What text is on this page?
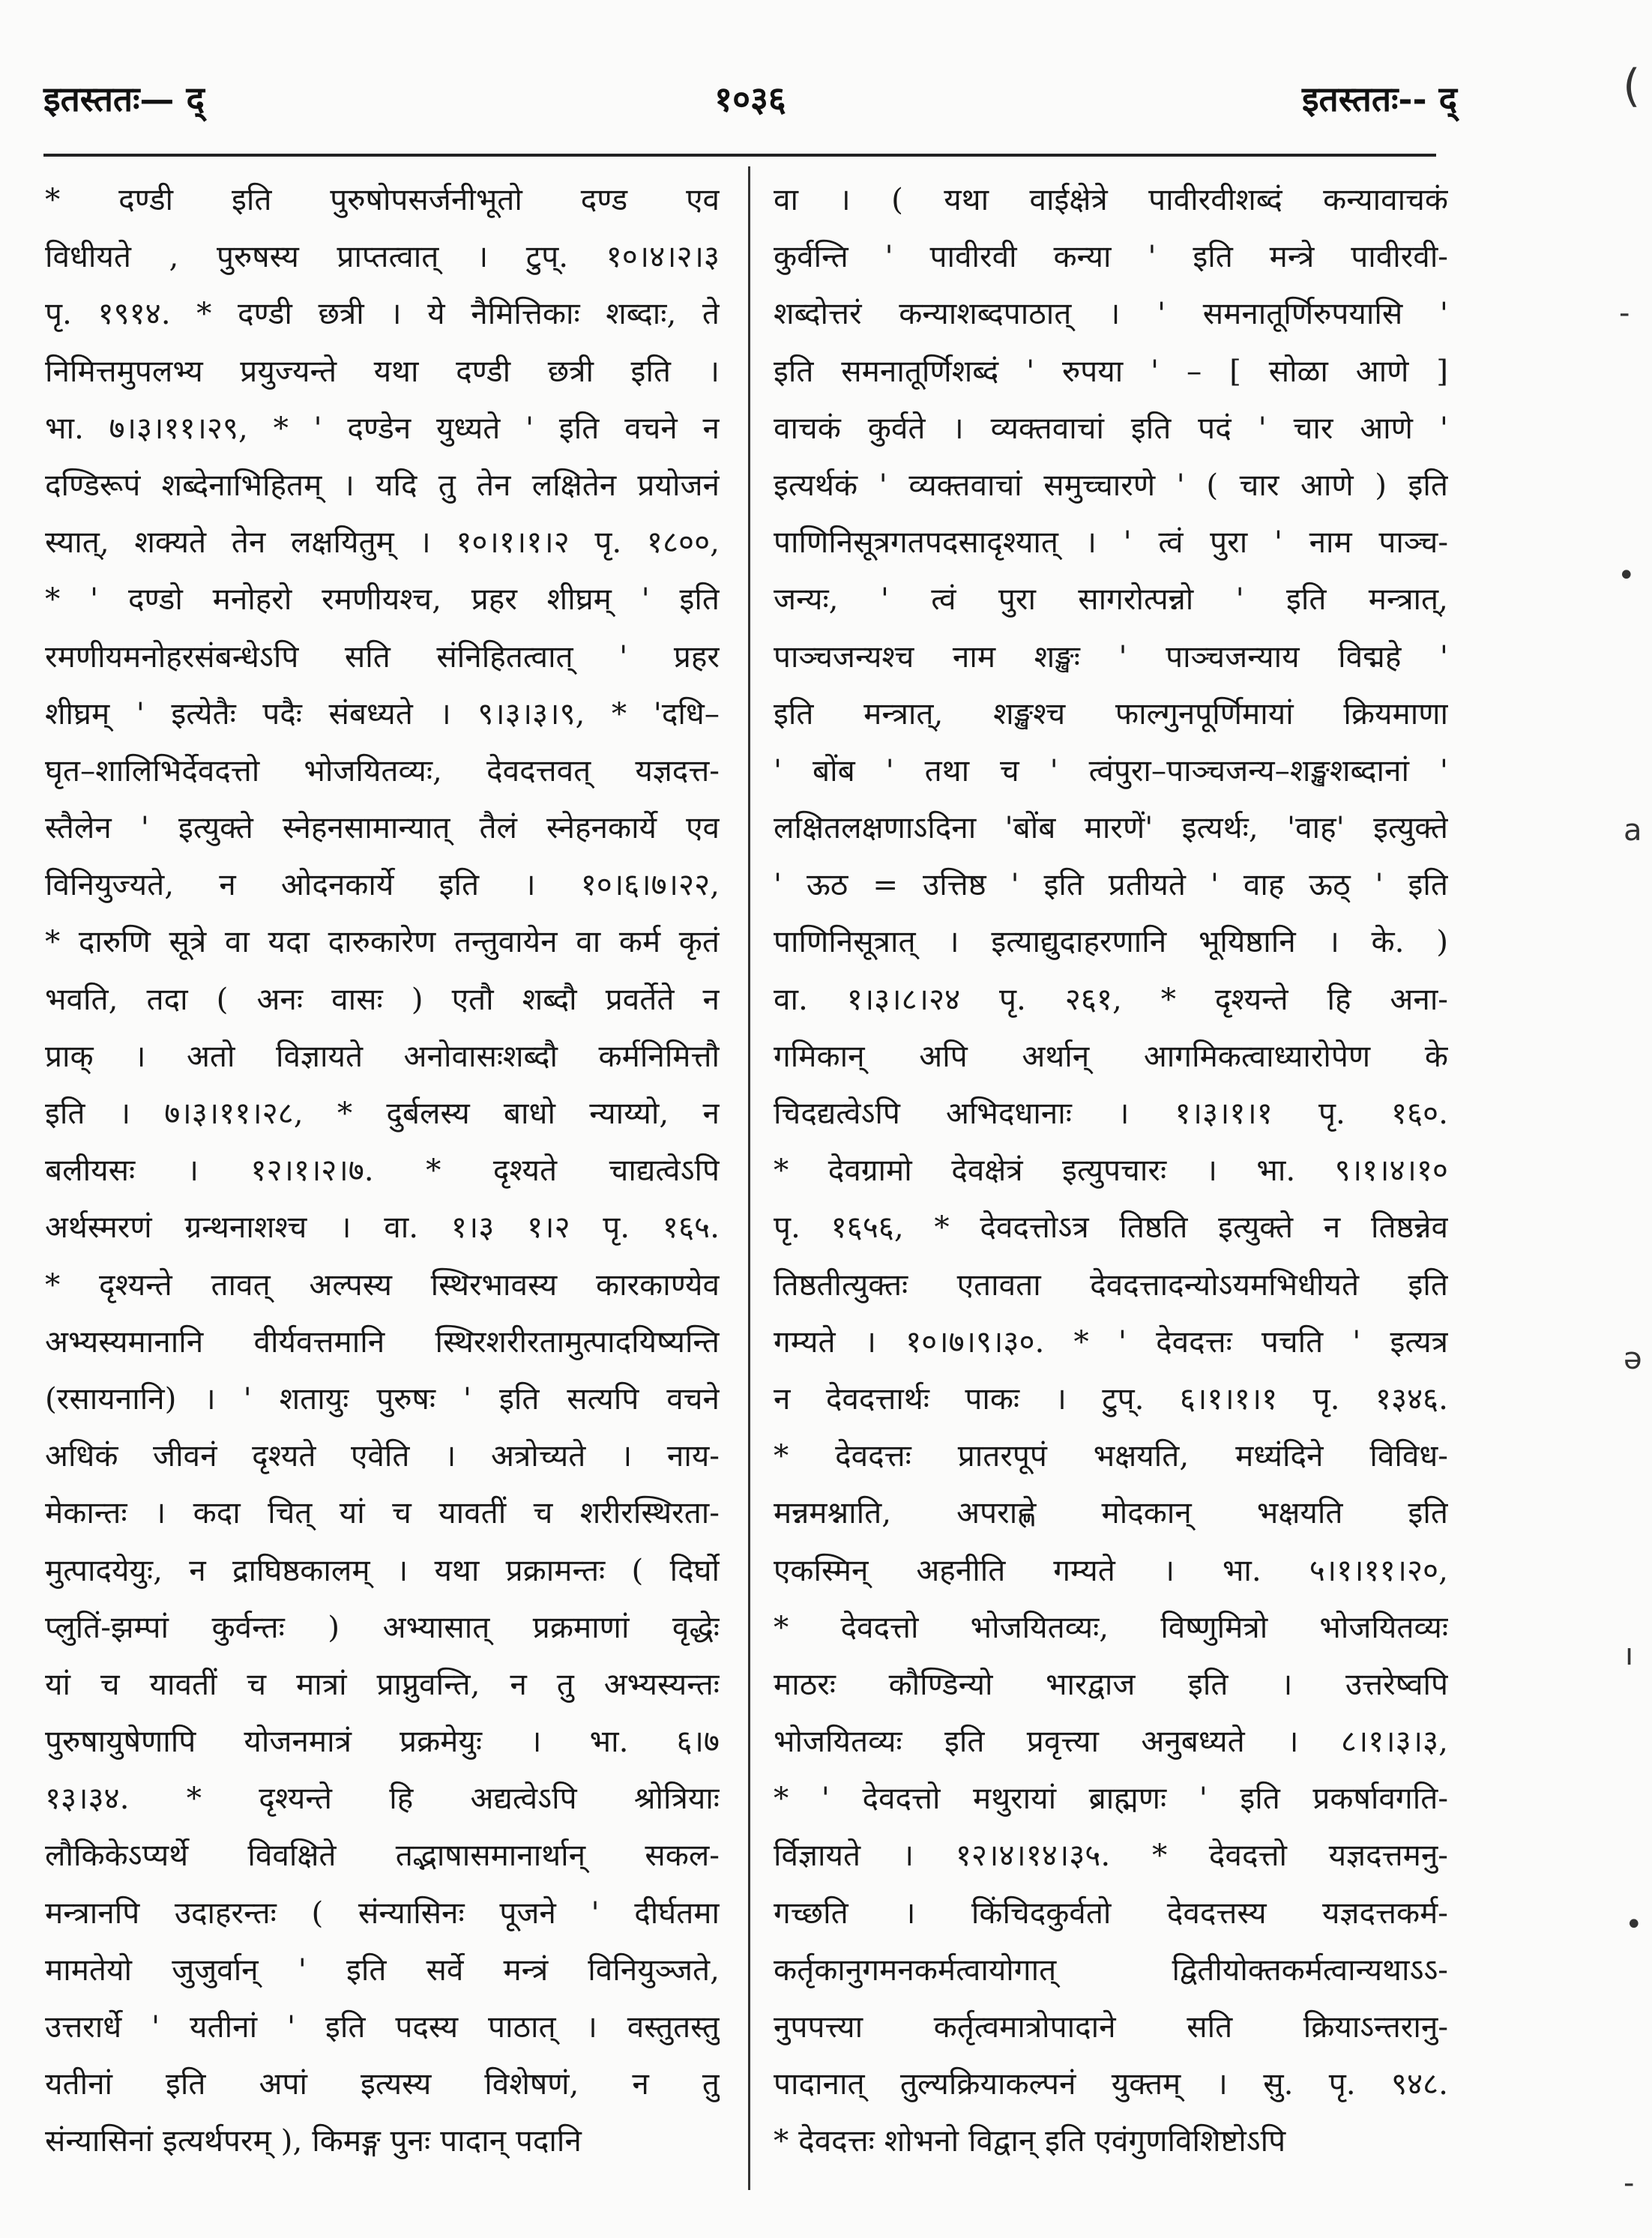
इतस्ततः— द्	१०३६	इतस्ततः-- द्
* दण्डी इति पुरुषोपसर्जनीभूतो दण्ड एव
विधीयते , पुरुषस्य प्राप्तत्वात् । टुप्. १०।४।२।३
पृ. १९१४. * दण्डी छत्री । ये नैमित्तिकाः शब्दाः, ते
निमित्तमुपलभ्य प्रयुज्यन्ते यथा दण्डी छत्री इति ।
भा. ७।३।११।२९, * ' दण्डेन युध्यते ' इति वचने न
दण्डिरूपं शब्देनाभिहितम् । यदि तु तेन लक्षितेन प्रयोजनं
स्यात्, शक्यते तेन लक्षयितुम् । १०।१।१।२ पृ. १८००,
* ' दण्डो मनोहरो रमणीयश्च, प्रहर शीघ्रम् ' इति
रमणीयमनोहरसंबन्धेऽपि सति संनिहितत्वात् ' प्रहर
शीघ्रम् ' इत्येतैः पदैः संबध्यते । ९।३।३।९, * 'दधि–
घृत–शालिभिर्देवदत्तो भोजयितव्यः, देवदत्तवत् यज्ञदत्त-
स्तैलेन ' इत्युक्ते स्नेहनसामान्यात् तैलं स्नेहनकार्ये एव
विनियुज्यते, न ओदनकार्ये इति । १०।६।७।२२,
* दारुणि सूत्रे वा यदा दारुकारेण तन्तुवायेन वा कर्म कृतं
भवति, तदा ( अनः वासः ) एतौ शब्दौ प्रवर्तेते न
प्राक् । अतो विज्ञायते अनोवासःशब्दौ कर्मनिमित्तौ
इति । ७।३।११।२८, * दुर्बलस्य बाधो न्याय्यो, न
बलीयसः । १२।१।२।७. * दृश्यते चाद्यत्वेऽपि
अर्थस्मरणं ग्रन्थनाशश्च । वा. १।३ १।२ पृ. १६५.
* दृश्यन्ते तावत् अल्पस्य स्थिरभावस्य कारकाण्येव
अभ्यस्यमानानि वीर्यवत्तमानि स्थिरशरीरतामुत्पादयिष्यन्ति
(रसायनानि) । ' शतायुः पुरुषः ' इति सत्यपि वचने
अधिकं जीवनं दृश्यते एवेति । अत्रोच्यते । नाय-
मेकान्तः । कदा चित् यां च यावतीं च शरीरस्थिरता-
मुत्पादयेयुः, न द्राघिष्ठकालम् । यथा प्रक्रामन्तः ( दिर्घो
प्लुतिं-झम्पां कुर्वन्तः ) अभ्यासात् प्रक्रमाणां वृद्धेः
यां च यावतीं च मात्रां प्राप्नुवन्ति, न तु अभ्यस्यन्तः
पुरुषायुषेणापि योजनमात्रं प्रक्रमेयुः । भा. ६।७
१३।३४. * दृश्यन्ते हि अद्यत्वेऽपि श्रोत्रियाः
लौकिकेऽप्यर्थे विवक्षिते तद्भाषासमानार्थान् सकल-
मन्त्रानपि उदाहरन्तः ( संन्यासिनः पूजने ' दीर्घतमा
मामतेयो जुजुर्वान् ' इति सर्वे मन्त्रं विनियुञ्जते,
उत्तरार्धे ' यतीनां ' इति पदस्य पाठात् । वस्तुतस्तु
यतीनां इति अपां इत्यस्य विशेषणं, न तु
संन्यासिनां इत्यर्थपरम् ), किमङ्ग पुनः पादान् पदानि
वा । ( यथा वाईक्षेत्रे पावीरवीशब्दं कन्यावाचकं
कुर्वन्ति ' पावीरवी कन्या ' इति मन्त्रे पावीरवी-
शब्दोत्तरं कन्याशब्दपाठात् । ' समनातूर्णिरुपयासि '
इति समनातूर्णिशब्दं ' रुपया ' – [ सोळा आणे ]
वाचकं कुर्वते । व्यक्तवाचां इति पदं ' चार आणे '
इत्यर्थकं ' व्यक्तवाचां समुच्चारणे ' ( चार आणे ) इति
पाणिनिसूत्रगतपदसादृश्यात् । ' त्वं पुरा ' नाम पाञ्च-
जन्यः, ' त्वं पुरा सागरोत्पन्नो ' इति मन्त्रात्,
पाञ्चजन्यश्च नाम शङ्खः ' पाञ्चजन्याय विद्महे '
इति मन्त्रात्, शङ्खश्च फाल्गुनपूर्णिमायां क्रियमाणा
' बोंब ' तथा च ' त्वंपुरा–पाञ्चजन्य–शङ्खशब्दानां '
लक्षितलक्षणाऽदिना 'बोंब मारणें' इत्यर्थः, 'वाह' इत्युक्ते
' ऊठ = उत्तिष्ठ ' इति प्रतीयते ' वाह ऊठ् ' इति
पाणिनिसूत्रात् । इत्याद्युदाहरणानि भूयिष्ठानि । के. )
वा. १।३।८।२४ पृ. २६१, * दृश्यन्ते हि अना-
गमिकान् अपि अर्थान् आगमिकत्वाध्यारोपेण के
चिदद्यत्वेऽपि अभिदधानाः । १।३।१।१ पृ. १६०.
* देवग्रामो देवक्षेत्रं इत्युपचारः । भा. ९।१।४।१०
पृ. १६५६, * देवदत्तोऽत्र तिष्ठति इत्युक्ते न तिष्ठन्नेव
तिष्ठतीत्युक्तः एतावता देवदत्तादन्योऽयमभिधीयते इति
गम्यते । १०।७।९।३०. * ' देवदत्तः पचति ' इत्यत्र
न देवदत्तार्थः पाकः । टुप्. ६।१।१।१ पृ. १३४६.
* देवदत्तः प्रातरपूपं भक्षयति, मध्यंदिने विविध-
मन्नमश्नाति, अपराह्णे मोदकान् भक्षयति इति
एकस्मिन् अहनीति गम्यते । भा. ५।१।११।२०,
* देवदत्तो भोजयितव्यः, विष्णुमित्रो भोजयितव्यः
माठरः कौण्डिन्यो भारद्वाज इति । उत्तरेष्वपि
भोजयितव्यः इति प्रवृत्त्या अनुबध्यते । ८।१।३।३,
* ' देवदत्तो मथुरायां ब्राह्मणः ' इति प्रकर्षावगति-
र्विज्ञायते । १२।४।१४।३५. * देवदत्तो यज्ञदत्तमनु-
गच्छति । किंचिदकुर्वतो देवदत्तस्य यज्ञदत्तकर्म-
कर्तृकानुगमनकर्मत्वायोगात् द्वितीयोक्तकर्मत्वान्यथाऽऽ-
नुपपत्त्या कर्तृत्वमात्रोपादाने सति क्रियाऽन्तरानु-
पादानात् तुल्यक्रियाकल्पनं युक्तम् । सु. पृ. ९४८.
* देवदत्तः शोभनो विद्वान् इति एवंगुणविशिष्टोऽपि
(
-
•
a
ə
ı
•
-
